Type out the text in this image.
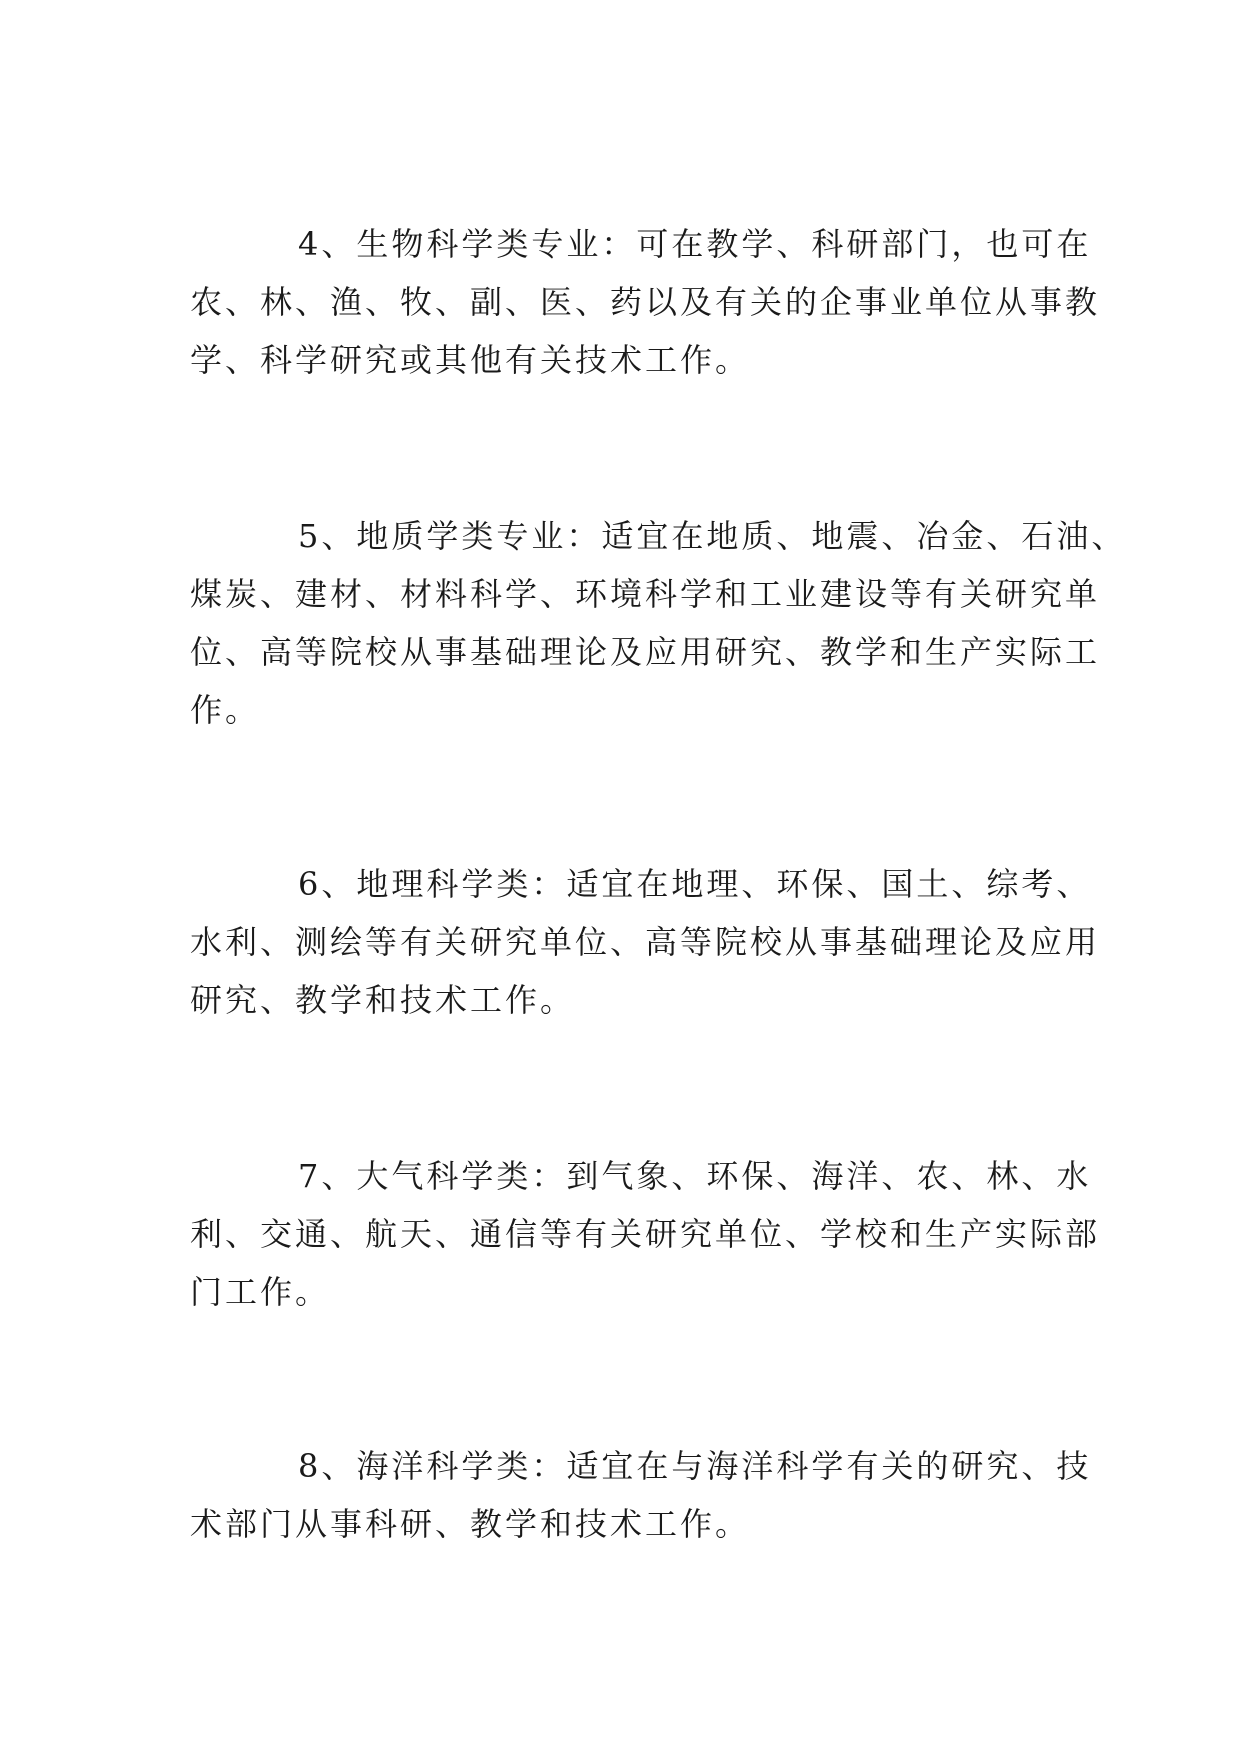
4、生物科学类专业：可在教学、科研部门，也可在
农、林、渔、牧、副、医、药以及有关的企事业单位从事教
学、科学研究或其他有关技术工作。
5、地质学类专业：适宜在地质、地震、冶金、石油、
煤炭、建材、材料科学、环境科学和工业建设等有关研究单
位、高等院校从事基础理论及应用研究、教学和生产实际工
作。
6、地理科学类：适宜在地理、环保、国土、综考、
水利、测绘等有关研究单位、高等院校从事基础理论及应用
研究、教学和技术工作。
7、大气科学类：到气象、环保、海洋、农、林、水
利、交通、航天、通信等有关研究单位、学校和生产实际部
门工作。
8、海洋科学类：适宜在与海洋科学有关的研究、技
术部门从事科研、教学和技术工作。
